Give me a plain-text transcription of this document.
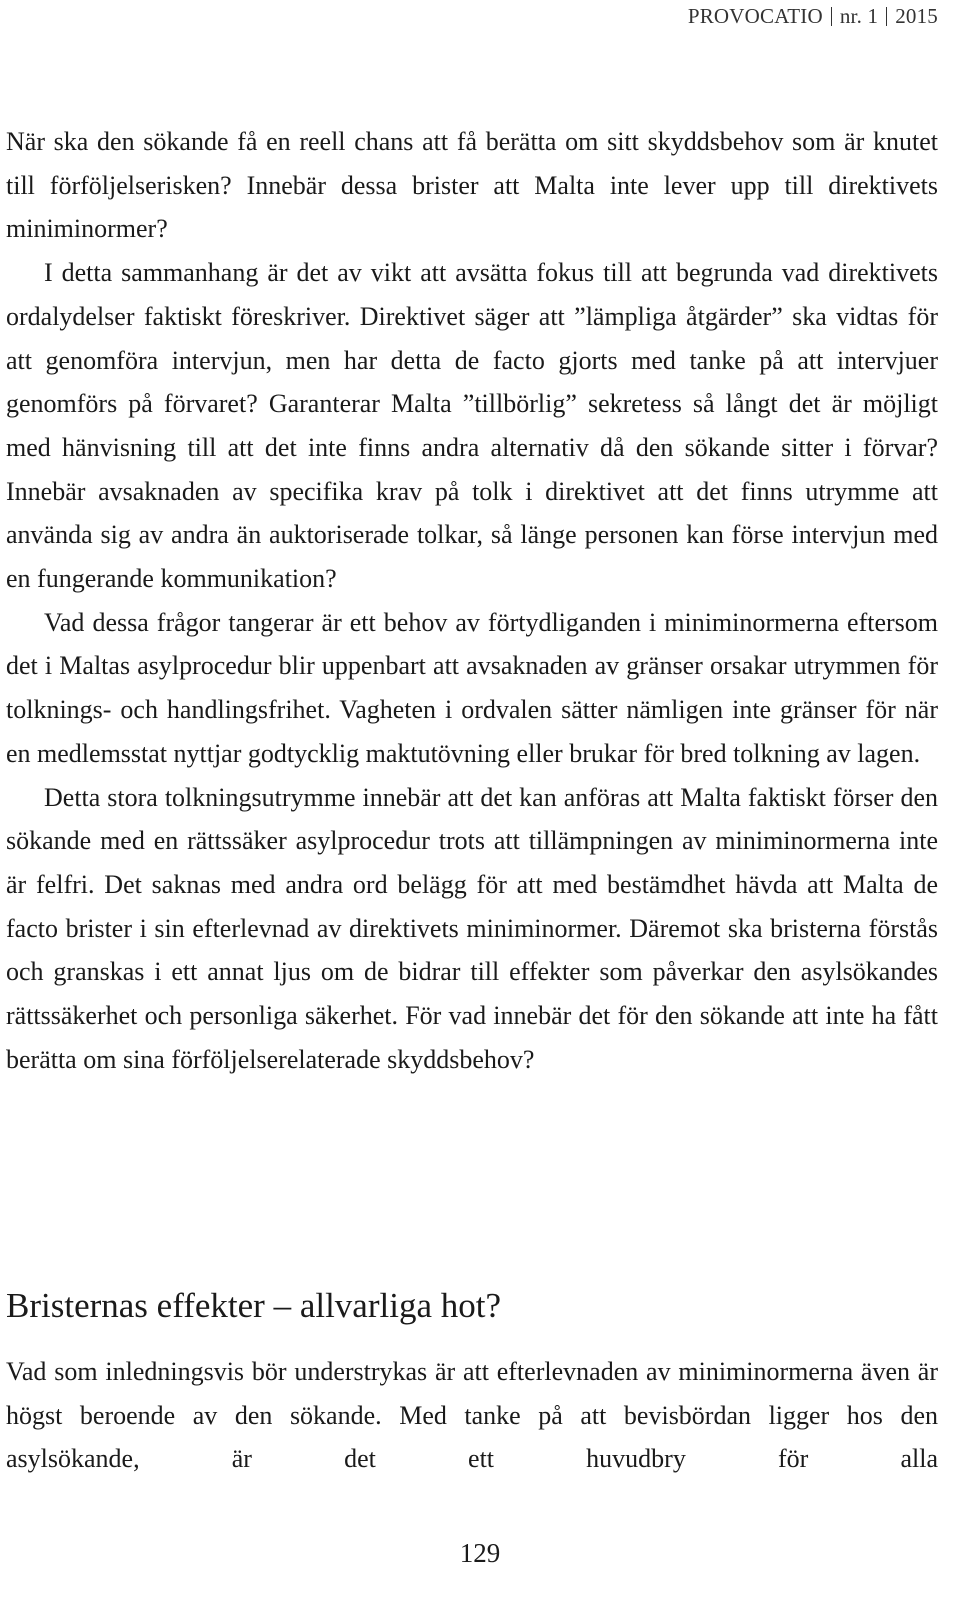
PROVOCATIO nr. 1 2015

När ska den sökande få en reell chans att få berätta om sitt skyddsbehov som är knutet till förföljelserisken? Innebär dessa brister att Malta inte lever upp till direktivets miniminormer?

I detta sammanhang är det av vikt att avsätta fokus till att begrunda vad direktivets ordalydelser faktiskt föreskriver. Direktivet säger att ”lämpliga åtgärder” ska vidtas för att genomföra intervjun, men har detta de facto gjorts med tanke på att intervjuer genomförs på förvaret? Garanterar Malta ”tillbörlig” sekretess så långt det är möjligt med hänvisning till att det inte finns andra alternativ då den sökande sitter i förvar? Innebär avsaknaden av specifika krav på tolk i direktivet att det finns utrymme att använda sig av andra än auktoriserade tolkar, så länge personen kan förse intervjun med en fungerande kommunikation?

Vad dessa frågor tangerar är ett behov av förtydliganden i miniminormerna eftersom det i Maltas asylprocedur blir uppenbart att avsaknaden av gränser orsakar utrymmen för tolknings- och handlingsfrihet. Vagheten i ordvalen sätter nämligen inte gränser för när en medlemsstat nyttjar godtycklig maktutövning eller brukar för bred tolkning av lagen.

Detta stora tolkningsutrymme innebär att det kan anföras att Malta faktiskt förser den sökande med en rättssäker asylprocedur trots att tillämpningen av miniminormerna inte är felfri. Det saknas med andra ord belägg för att med bestämdhet hävda att Malta de facto brister i sin efterlevnad av direktivets miniminormer. Däremot ska bristerna förstås och granskas i ett annat ljus om de bidrar till effekter som påverkar den asylsökandes rättssäkerhet och personliga säkerhet. För vad innebär det för den sökande att inte ha fått berätta om sina förföljelserelaterade skyddsbehov?

Bristernas effekter – allvarliga hot?

Vad som inledningsvis bör understrykas är att efterlevnaden av miniminormerna även är högst beroende av den sökande. Med tanke på att bevisbördan ligger hos den asylsökande, är det ett huvudbry för alla

129
